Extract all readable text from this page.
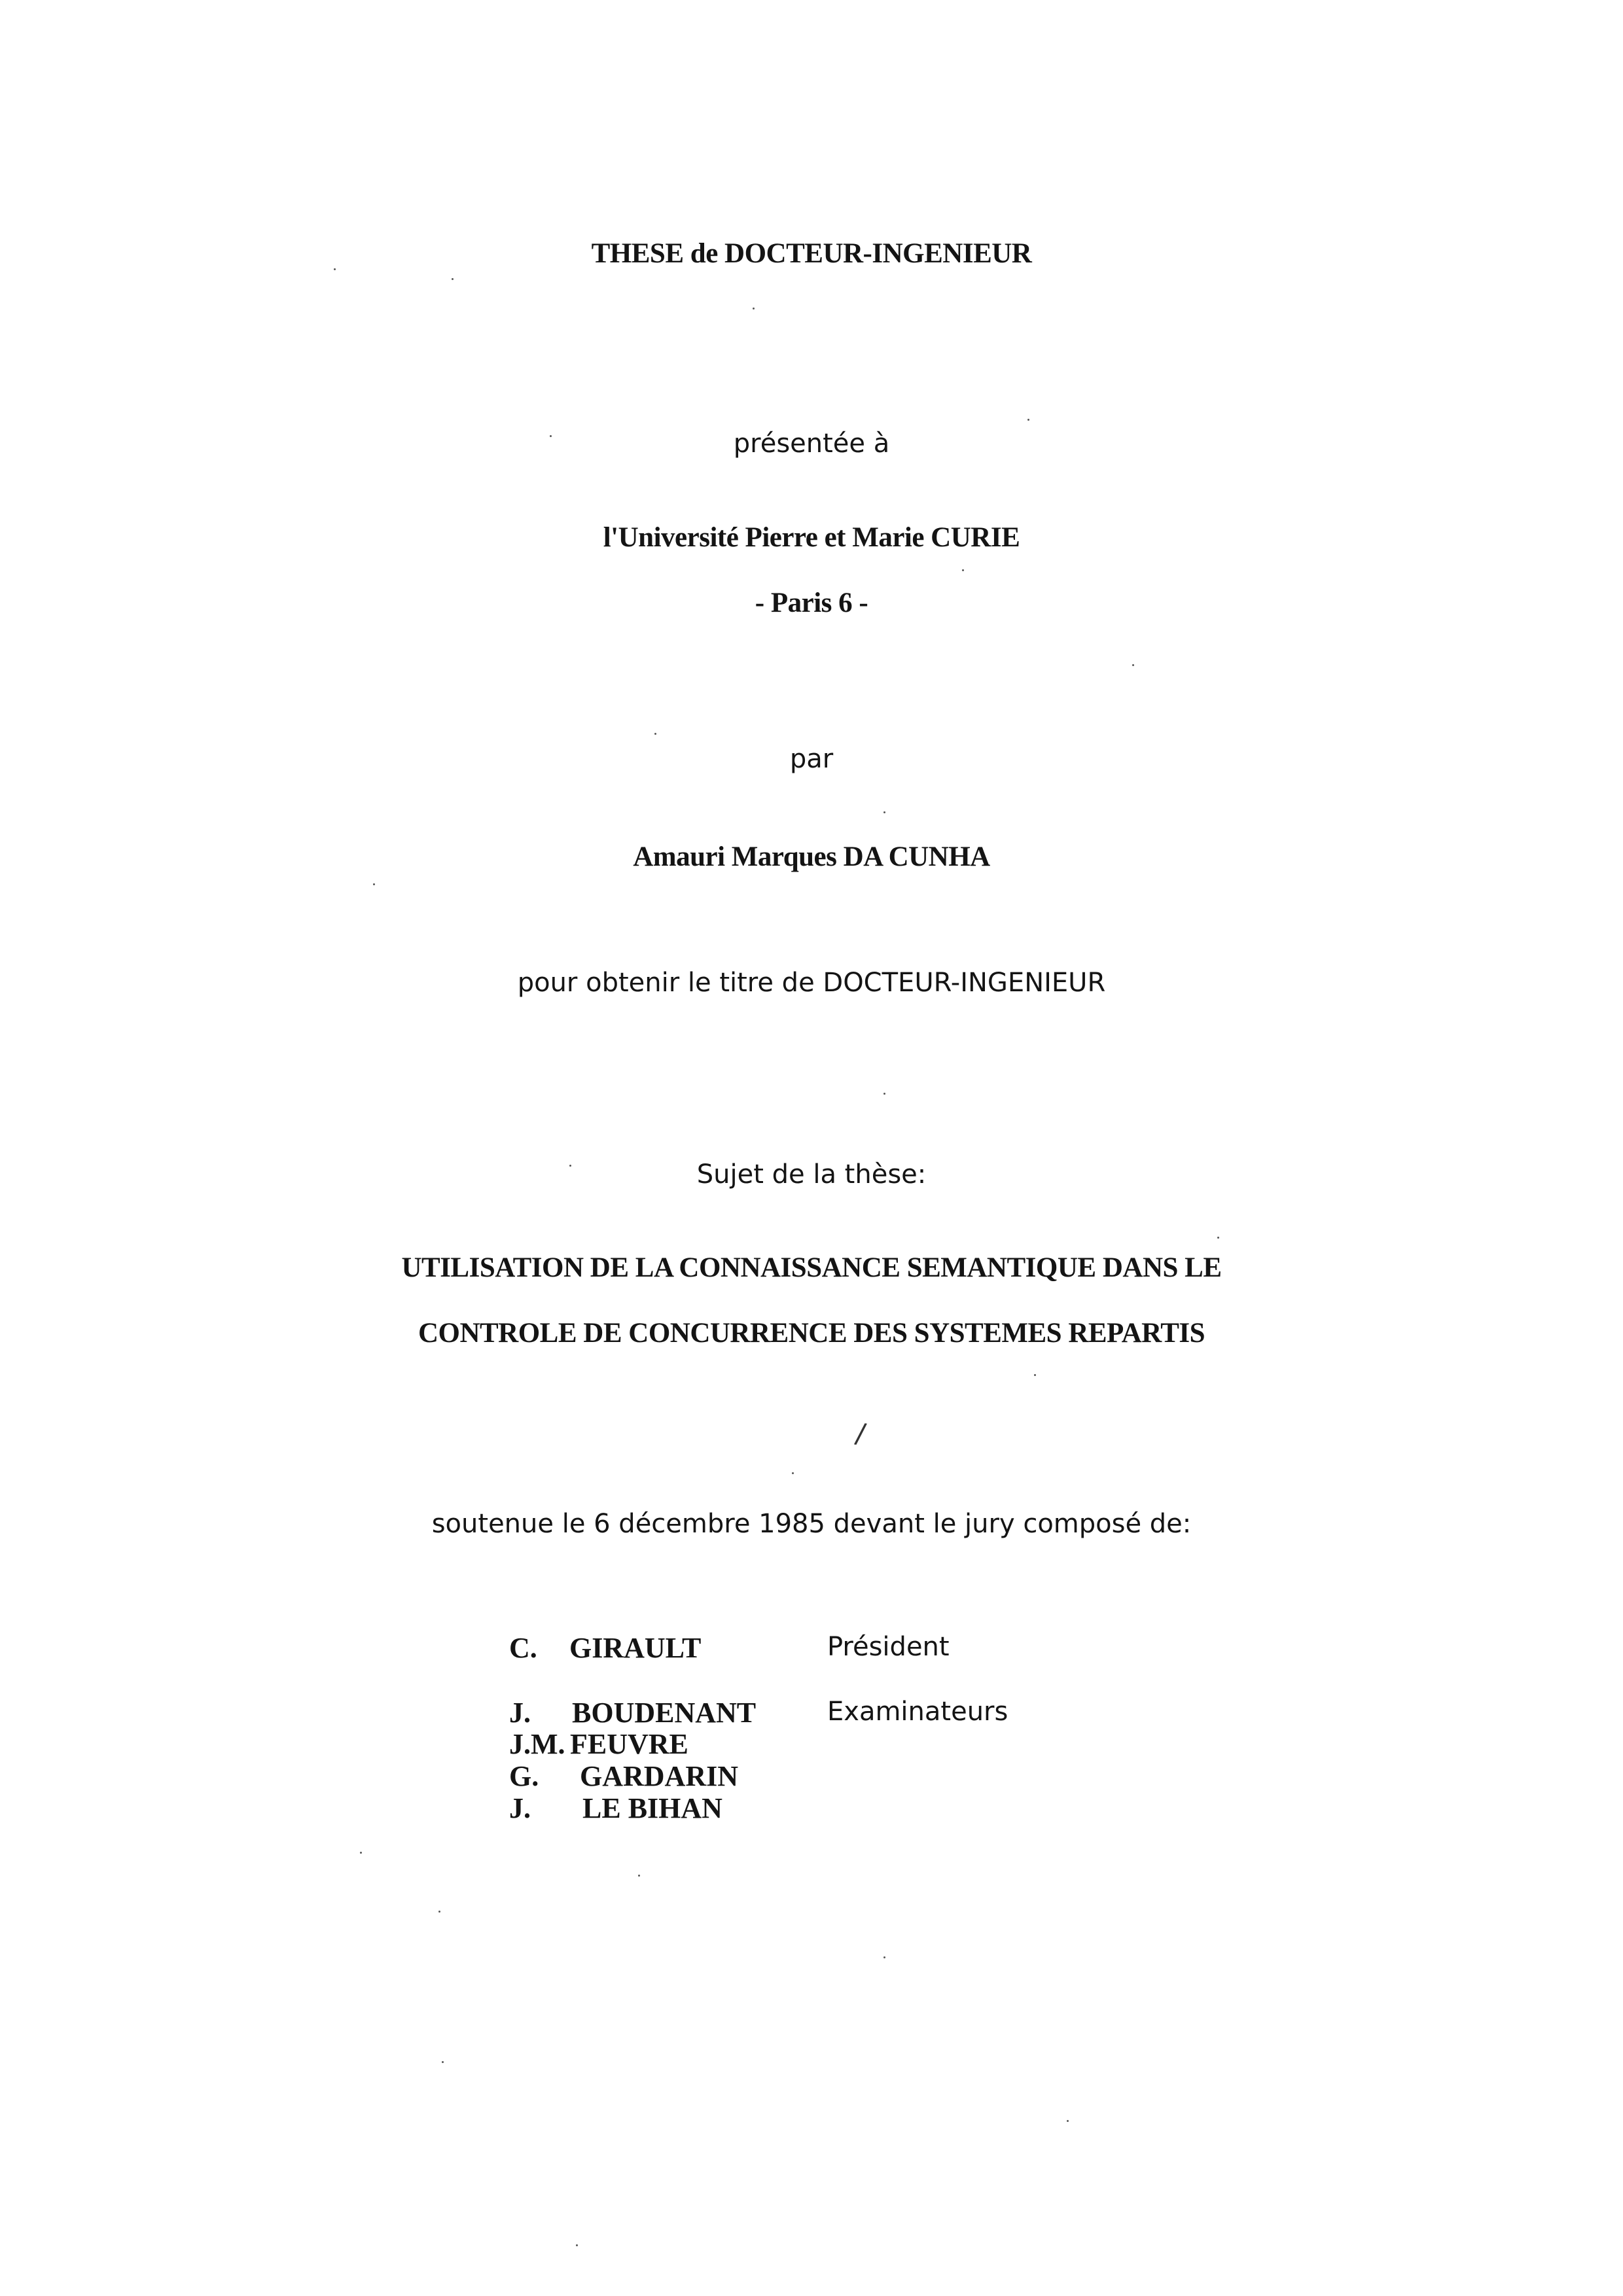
THESE de DOCTEUR-INGENIEUR
présentée à
l'Université Pierre et Marie CURIE
- Paris 6 -
par
Amauri Marques DA CUNHA
pour obtenir le titre de DOCTEUR-INGENIEUR
Sujet de la thèse:
UTILISATION DE LA CONNAISSANCE SEMANTIQUE DANS LE
CONTROLE DE CONCURRENCE DES SYSTEMES REPARTIS
soutenue le 6 décembre 1985 devant le jury composé de:
C. GIRAULT	Président
J. BOUDENANT	Examinateurs
J.M. FEUVRE
G. GARDARIN
J. LE BIHAN
/
